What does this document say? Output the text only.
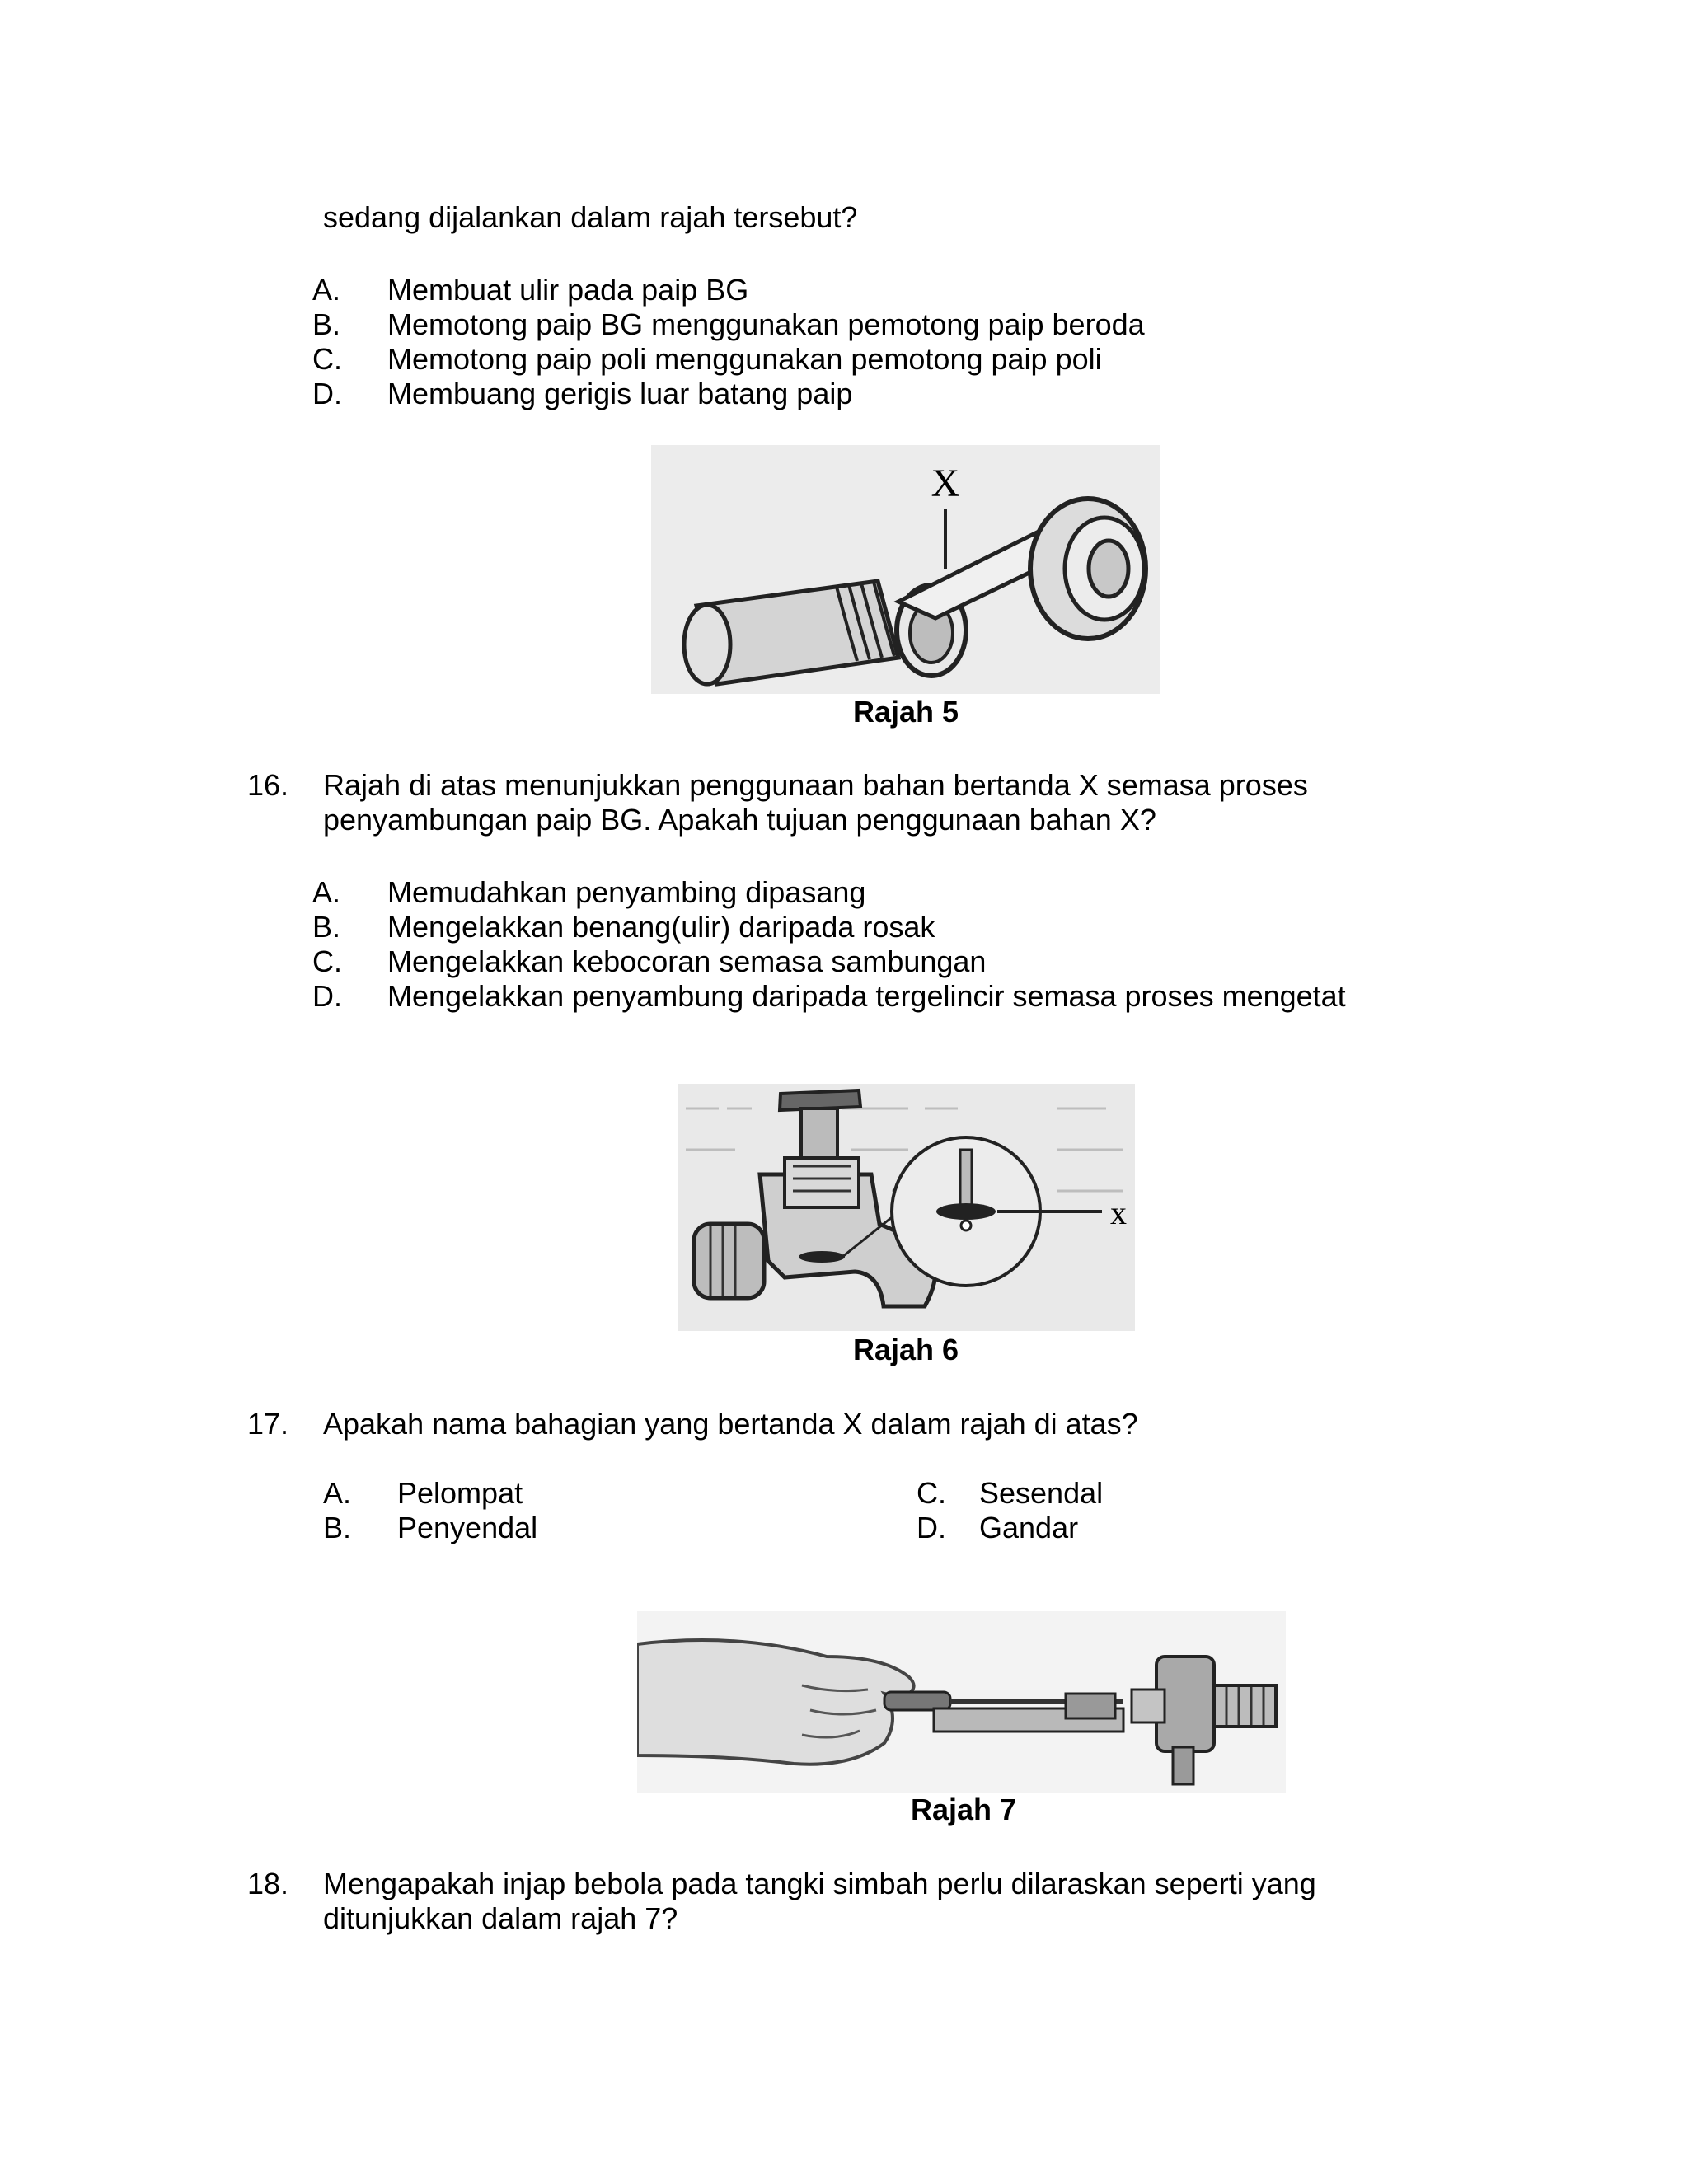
sedang dijalankan dalam rajah tersebut?
A. Membuat ulir pada paip BG
B. Memotong paip BG menggunakan pemotong paip beroda
C. Memotong paip poli menggunakan pemotong paip poli
D. Membuang gerigis luar batang paip
X
Rajah 5
16. Rajah di atas menunjukkan penggunaan bahan bertanda X semasa proses
penyambungan paip BG. Apakah tujuan penggunaan bahan X?
A. Memudahkan penyambing dipasang
B. Mengelakkan benang(ulir) daripada rosak
C. Mengelakkan kebocoran semasa sambungan
D. Mengelakkan penyambung daripada tergelincir semasa proses mengetat
x
Rajah 6
17. Apakah nama bahagian yang bertanda X dalam rajah di atas?
A. Pelompat
B. Penyendal
C. Sesendal
D. Gandar
Rajah 7
18. Mengapakah injap bebola pada tangki simbah perlu dilaraskan seperti yang
ditunjukkan dalam rajah 7?
